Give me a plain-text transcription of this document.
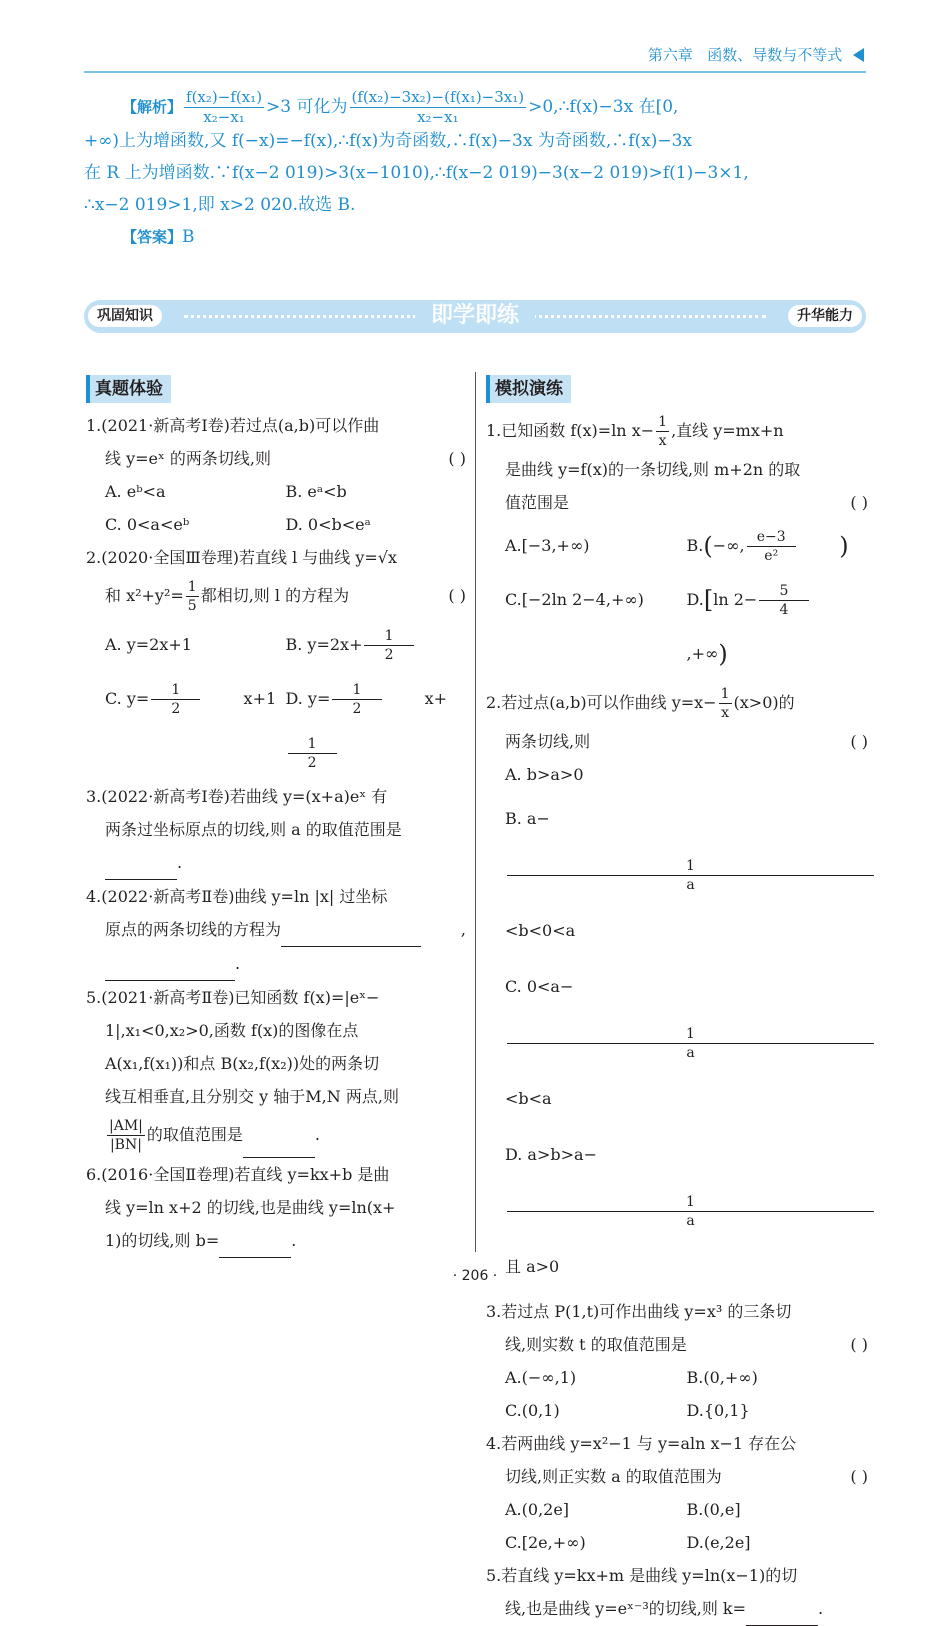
第六章 函数、导数与不等式
【解析】 $\frac{\text{f(x₂)−f(x₁)}}{\text{x₂−x₁}} >3$ 可化为 $\frac{\text{(f(x₂)−3x₂)−(f(x₁)−3x₁)}}{\text{x₂−x₁}}$ >0,∴f(x)−3x 在[0,
+∞)上为增函数,又 f(−x)=−f(x),∴f(x)为奇函数,∴f(x)−3x 为奇函数,∴f(x)−3x
在 R 上为增函数.∵f(x−2 019)>3(x−1010),∴f(x−2 019)−3(x−2 019)>f(1)−3×1,
∴x−2 019>1,即 x>2 020.故选 B.
【答案】B
巩固知识	即学即练	升华能力
真题体验
1.(2021·新高考Ⅰ卷)若过点(a,b)可以作曲
线 y=eˣ 的两条切线,则	( )
A. eᵇ<a	B. eᵃ<b
C. 0<a<eᵇ	D. 0<b<eᵃ
2.(2020·全国Ⅲ卷理)若直线 l 与曲线 y=√x
和 $x^2+y^2= \frac{1}{5}$ 都相切,则 l 的方程为	( )
A. y=2x+1	B. $y=2x+ \frac{1}{2}$
C. $y= \frac{1}{2} x+1$ D. $y= \frac{1}{2} x+$
$\frac{1}{2}$
3.(2022·新高考Ⅰ卷)若曲线 y=(x+a)eˣ 有
两条过坐标原点的切线,则 a 的取值范围是
.
4.(2022·新高考Ⅱ卷)曲线 y=ln |x| 过坐标
原点的两条切线的方程为	,
.
5.(2021·新高考Ⅱ卷)已知函数 f(x)=|eˣ−
1|,x₁<0,x₂>0,函数 f(x)的图像在点
A(x₁,f(x₁))和点 B(x₂,f(x₂))处的两条切
线互相垂直,且分别交 y 轴于M,N 两点,则
$\frac{|AM|}{|BN|}$ 的取值范围是	.
6.(2016·全国Ⅱ卷理)若直线 y=kx+b 是曲
线 y=ln x+2 的切线,也是曲线 y=ln(x+
1)的切线,则 b=	.
模拟演练
1.已知函数 f(x)=ln $x- \frac{1}{x}$ ,直线 y=mx+n
是曲线 y=f(x)的一条切线,则 m+2n 的取
值范围是	( )
A.[−3,+∞)	B.(−∞, $\frac{e-3}{\text{e²}}$ )
C.[−2ln 2−4,+∞)	D.[ln $2- \frac{5}{4}$
,+∞)
2.若过点(a,b)可以作曲线 $y=x- \frac{1}{x} (x>0)$的
两条切线,则	( )
A. b>a>0
B. a−
$\frac{1}{a}$
<b<0<a
C. 0<a−
$\frac{1}{a}$
<b<a
D. a>b>a−
$\frac{1}{a}$
且 a>0
3.若过点 P(1,t)可作出曲线 y=x³ 的三条切
线,则实数 t 的取值范围是	( )
A.(−∞,1)	B.(0,+∞)
C.(0,1)	D.{0,1}
4.若两曲线 y=x²−1 与 y=aln x−1 存在公
切线,则正实数 a 的取值范围为	( )
A.(0,2e]	B.(0,e]
C.[2e,+∞)	D.(e,2e]
5.若直线 y=kx+m 是曲线 y=ln(x−1)的切
线,也是曲线 y=eˣ⁻³的切线,则 k=	.
· 206 ·
